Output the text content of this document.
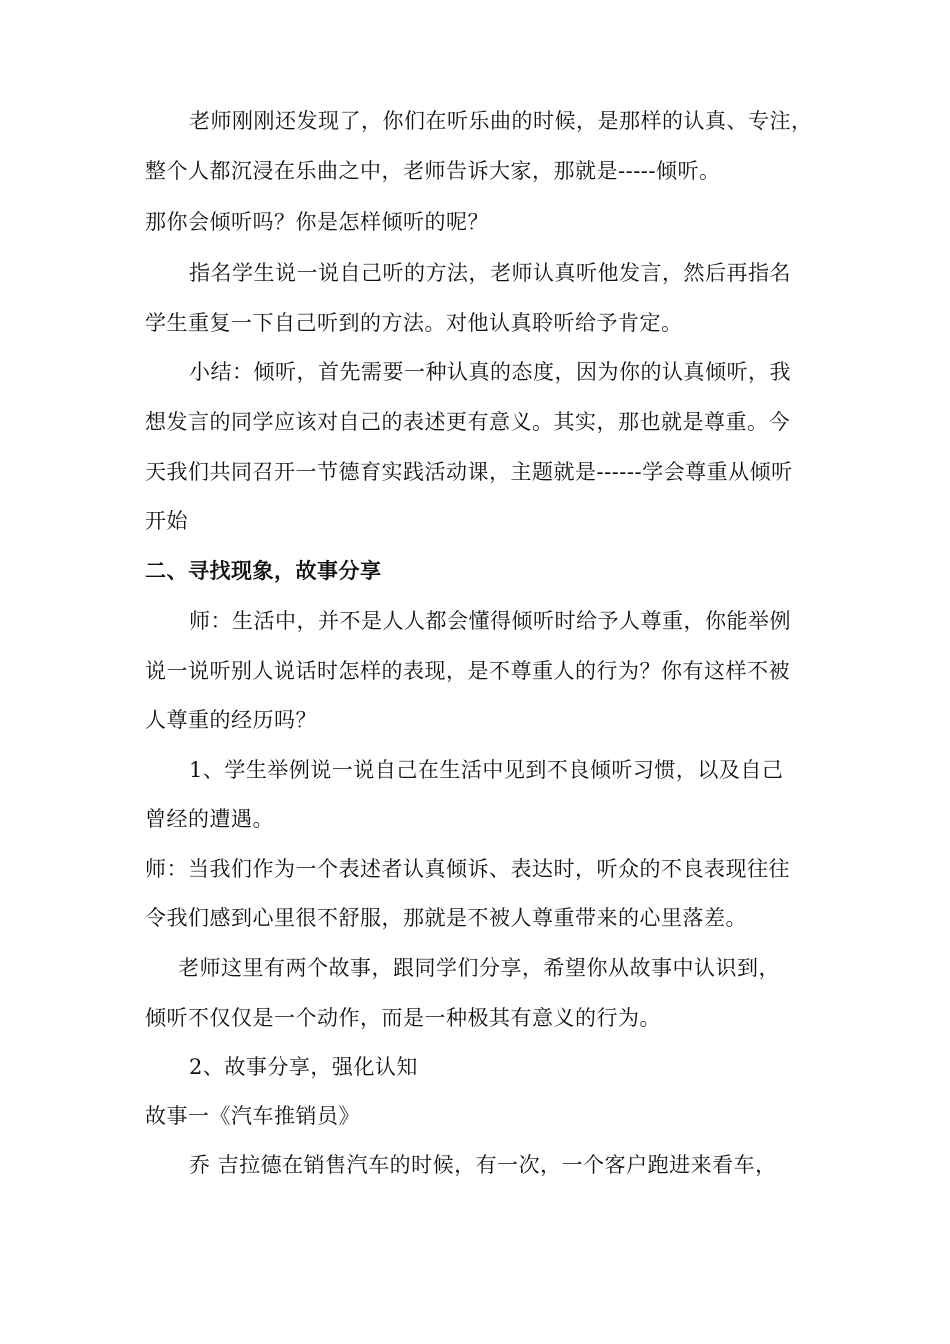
老师刚刚还发现了，你们在听乐曲的时候，是那样的认真、专注，
整个人都沉浸在乐曲之中，老师告诉大家，那就是-----倾听。
那你会倾听吗？你是怎样倾听的呢？
指名学生说一说自己听的方法，老师认真听他发言，然后再指名
学生重复一下自己听到的方法。对他认真聆听给予肯定。
小结：倾听，首先需要一种认真的态度，因为你的认真倾听，我
想发言的同学应该对自己的表述更有意义。其实，那也就是尊重。今
天我们共同召开一节德育实践活动课，主题就是------学会尊重从倾听
开始
二、寻找现象，故事分享
师：生活中，并不是人人都会懂得倾听时给予人尊重，你能举例
说一说听别人说话时怎样的表现，是不尊重人的行为？你有这样不被
人尊重的经历吗？
1、学生举例说一说自己在生活中见到不良倾听习惯，以及自己
曾经的遭遇。
师：当我们作为一个表述者认真倾诉、表达时，听众的不良表现往往
令我们感到心里很不舒服，那就是不被人尊重带来的心里落差。
老师这里有两个故事，跟同学们分享，希望你从故事中认识到，
倾听不仅仅是一个动作，而是一种极其有意义的行为。
2、故事分享，强化认知
故事一《汽车推销员》
乔 吉拉德在销售汽车的时候，有一次，一个客户跑进来看车，
